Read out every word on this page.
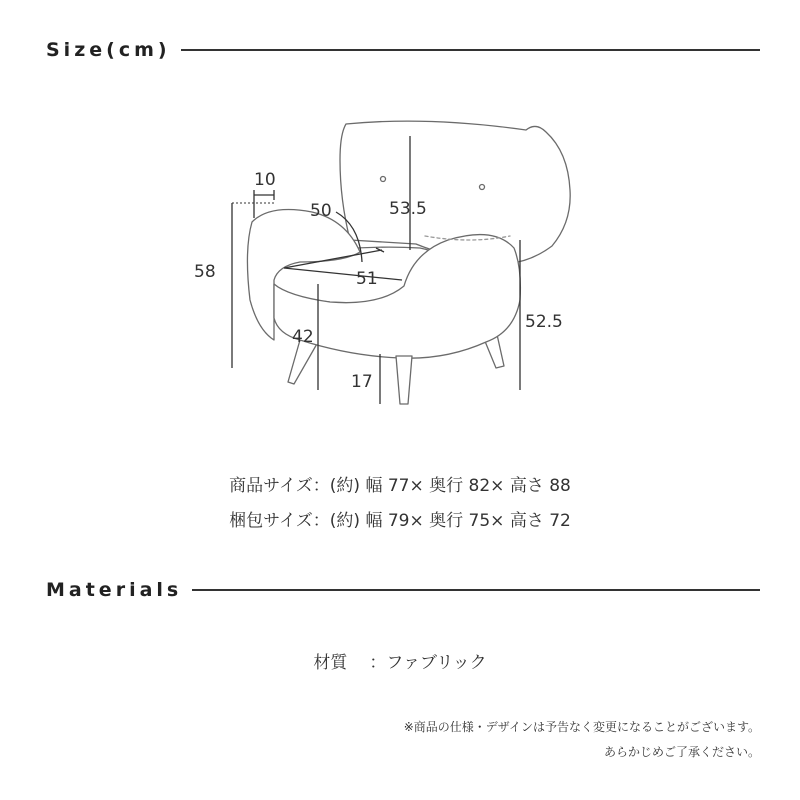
Size(cm)
10
50	53.5
58	51
52.5
42
17
商品サイズ：(約) 幅 77× 奥行 82× 高さ 88
梱包サイズ：(約) 幅 79× 奥行 75× 高さ 72
Materials
材質 ：ファブリック
※商品の仕様・デザインは予告なく変更になることがございます。
あらかじめご了承ください。
